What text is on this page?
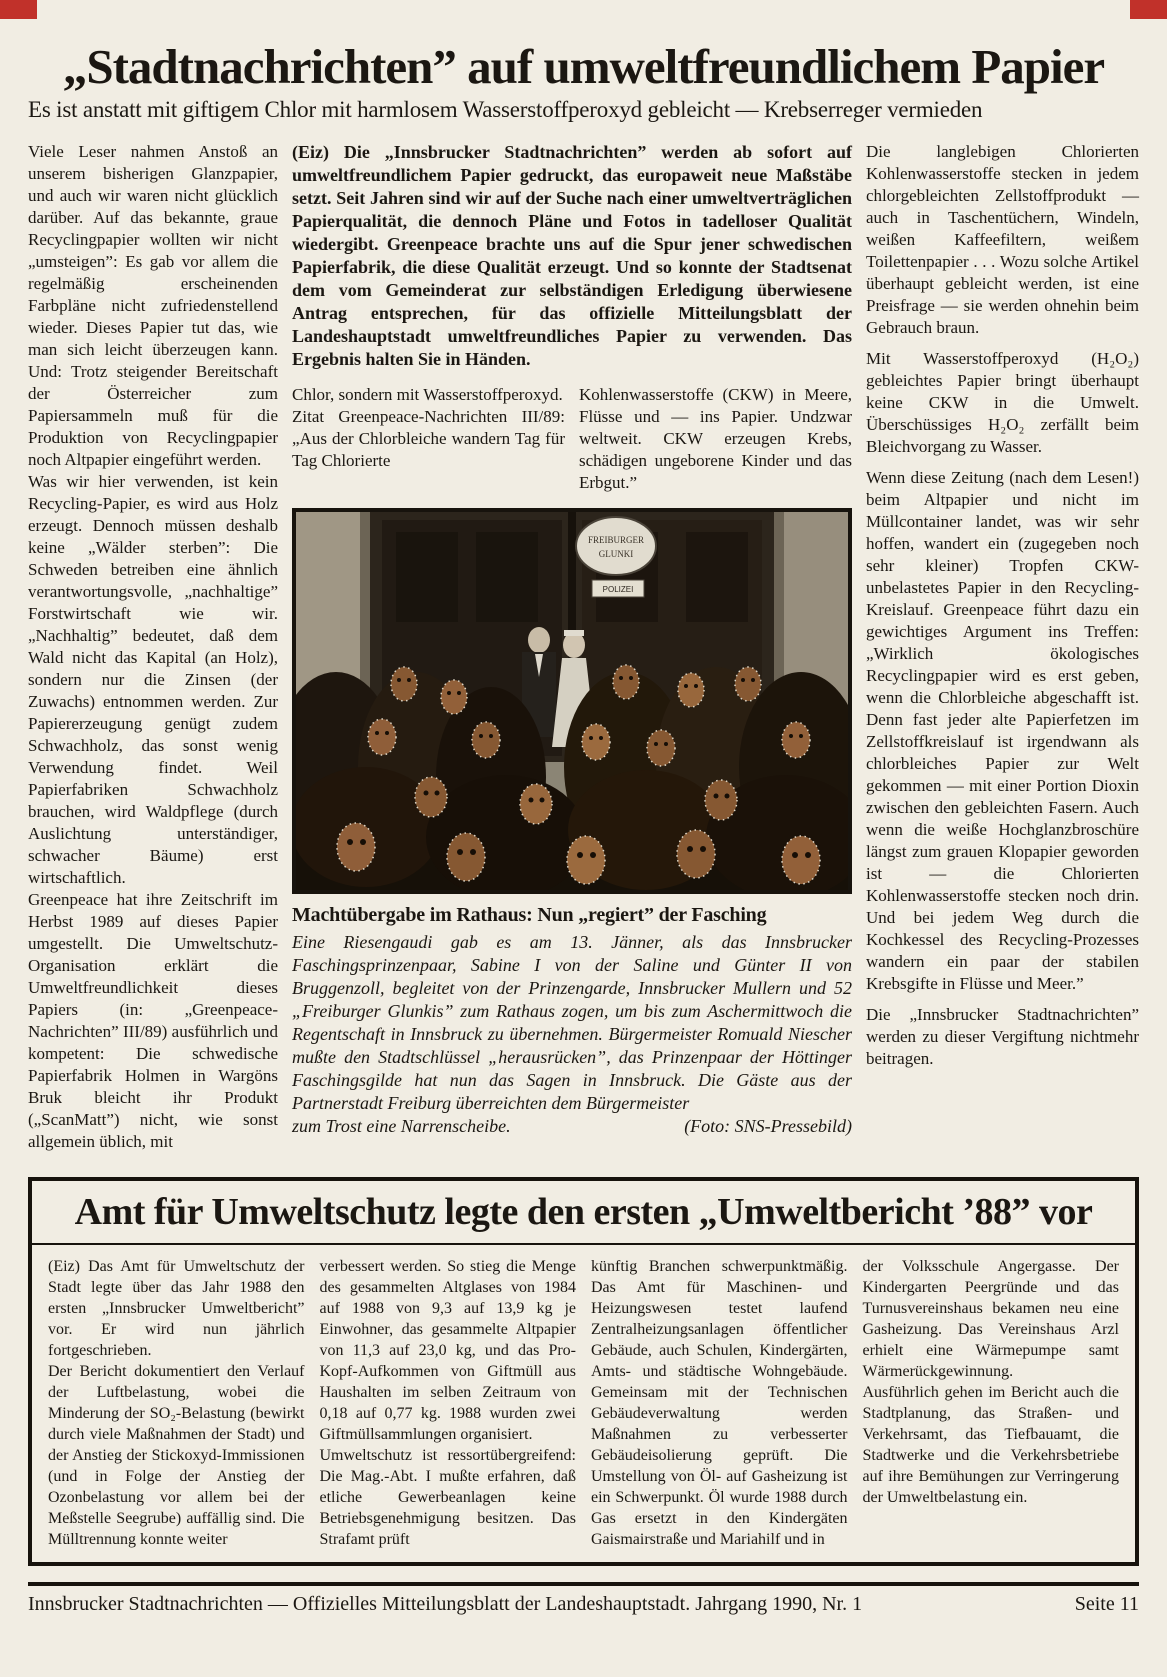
„Stadtnachrichten” auf umweltfreundlichem Papier

Es ist anstatt mit giftigem Chlor mit harmlosem Wasserstoffperoxyd gebleicht — Krebserreger vermieden

Viele Leser nahmen Anstoß an unserem bisherigen Glanzpapier, und auch wir waren nicht glücklich darüber. Auf das bekannte, graue Recyclingpapier wollten wir nicht „umsteigen”: Es gab vor allem die regelmäßig erscheinenden Farbpläne nicht zufriedenstellend wieder. Dieses Papier tut das, wie man sich leicht überzeugen kann. Und: Trotz steigender Bereitschaft der Österreicher zum Papiersammeln muß für die Produktion von Recyclingpapier noch Altpapier eingeführt werden.

Was wir hier verwenden, ist kein Recycling-Papier, es wird aus Holz erzeugt. Dennoch müssen deshalb keine „Wälder sterben”: Die Schweden betreiben eine ähnlich verantwortungsvolle, „nachhaltige” Forstwirtschaft wie wir. „Nachhaltig” bedeutet, daß dem Wald nicht das Kapital (an Holz), sondern nur die Zinsen (der Zuwachs) entnommen werden. Zur Papiererzeugung genügt zudem Schwachholz, das sonst wenig Verwendung findet. Weil Papierfabriken Schwachholz brauchen, wird Waldpflege (durch Auslichtung unterständiger, schwacher Bäume) erst wirtschaftlich.

Greenpeace hat ihre Zeitschrift im Herbst 1989 auf dieses Papier umgestellt. Die Umweltschutz-Organisation erklärt die Umweltfreundlichkeit dieses Papiers (in: „Greenpeace-Nachrichten” III/89) ausführlich und kompetent: Die schwedische Papierfabrik Holmen in Wargöns Bruk bleicht ihr Produkt („ScanMatt”) nicht, wie sonst allgemein üblich, mit

(Eiz) Die „Innsbrucker Stadtnachrichten” werden ab sofort auf umweltfreundlichem Papier gedruckt, das europaweit neue Maßstäbe setzt. Seit Jahren sind wir auf der Suche nach einer umweltverträglichen Papierqualität, die dennoch Pläne und Fotos in tadelloser Qualität wiedergibt. Greenpeace brachte uns auf die Spur jener schwedischen Papierfabrik, die diese Qualität erzeugt. Und so konnte der Stadtsenat dem vom Gemeinderat zur selbständigen Erledigung überwiesene Antrag entsprechen, für das offizielle Mitteilungsblatt der Landeshauptstadt umweltfreundliches Papier zu verwenden. Das Ergebnis halten Sie in Händen.

Chlor, sondern mit Wasserstoffperoxyd.

Zitat Greenpeace-Nachrichten III/89: „Aus der Chlorbleiche wandern Tag für Tag Chlorierte

Kohlenwasserstoffe (CKW) in Meere, Flüsse und — ins Papier. Undzwar weltweit. CKW erzeugen Krebs, schädigen ungeborene Kinder und das Erbgut.”

FREIBURGER
GLUNKI
POLIZEI

Machtübergabe im Rathaus: Nun „regiert” der Fasching

Eine Riesengaudi gab es am 13. Jänner, als das Innsbrucker Faschingsprinzenpaar, Sabine I von der Saline und Günter II von Bruggenzoll, begleitet von der Prinzengarde, Innsbrucker Mullern und 52 „Freiburger Glunkis” zum Rathaus zogen, um bis zum Aschermittwoch die Regentschaft in Innsbruck zu übernehmen. Bürgermeister Romuald Niescher mußte den Stadtschlüssel „herausrücken”, das Prinzenpaar der Höttinger Faschingsgilde hat nun das Sagen in Innsbruck. Die Gäste aus der Partnerstadt Freiburg überreichten dem Bürgermeister

zum Trost eine Narrenscheibe.	(Foto: SNS-Pressebild)

Die langlebigen Chlorierten Kohlenwasserstoffe stecken in jedem chlorgebleichten Zellstoffprodukt — auch in Taschentüchern, Windeln, weißen Kaffeefiltern, weißem Toilettenpapier . . . Wozu solche Artikel überhaupt gebleicht werden, ist eine Preisfrage — sie werden ohnehin beim Gebrauch braun.

Mit Wasserstoffperoxyd (H₂O₂) gebleichtes Papier bringt überhaupt keine CKW in die Umwelt. Überschüssiges H₂O₂ zerfällt beim Bleichvorgang zu Wasser.

Wenn diese Zeitung (nach dem Lesen!) beim Altpapier und nicht im Müllcontainer landet, was wir sehr hoffen, wandert ein (zugegeben noch sehr kleiner) Tropfen CKW-unbelastetes Papier in den Recycling-Kreislauf. Greenpeace führt dazu ein gewichtiges Argument ins Treffen: „Wirklich ökologisches Recyclingpapier wird es erst geben, wenn die Chlorbleiche abgeschafft ist. Denn fast jeder alte Papierfetzen im Zellstoffkreislauf ist irgendwann als chlorbleiches Papier zur Welt gekommen — mit einer Portion Dioxin zwischen den gebleichten Fasern. Auch wenn die weiße Hochglanzbroschüre längst zum grauen Klopapier geworden ist — die Chlorierten Kohlenwasserstoffe stecken noch drin. Und bei jedem Weg durch die Kochkessel des Recycling-Prozesses wandern ein paar der stabilen Krebsgifte in Flüsse und Meer.”

Die „Innsbrucker Stadtnachrichten” werden zu dieser Vergiftung nichtmehr beitragen.

Amt für Umweltschutz legte den ersten „Umweltbericht ’88” vor

(Eiz) Das Amt für Umweltschutz der Stadt legte über das Jahr 1988 den ersten „Innsbrucker Umweltbericht” vor. Er wird nun jährlich fortgeschrieben.

Der Bericht dokumentiert den Verlauf der Luftbelastung, wobei die Minderung der SO₂-Belastung (bewirkt durch viele Maßnahmen der Stadt) und der Anstieg der Stickoxyd-Immissionen (und in Folge der Anstieg der Ozonbelastung vor allem bei der Meßstelle Seegrube) auffällig sind. Die Mülltrennung konnte weiter

verbessert werden. So stieg die Menge des gesammelten Altglases von 1984 auf 1988 von 9,3 auf 13,9 kg je Einwohner, das gesammelte Altpapier von 11,3 auf 23,0 kg, und das Pro-Kopf-Aufkommen von Giftmüll aus Haushalten im selben Zeitraum von 0,18 auf 0,77 kg. 1988 wurden zwei Giftmüllsammlungen organisiert.

Umweltschutz ist ressortübergreifend: Die Mag.-Abt. I mußte erfahren, daß etliche Gewerbeanlagen keine Betriebsgenehmigung besitzen. Das Strafamt prüft

künftig Branchen schwerpunktmäßig. Das Amt für Maschinen- und Heizungswesen testet laufend Zentralheizungsanlagen öffentlicher Gebäude, auch Schulen, Kindergärten, Amts- und städtische Wohngebäude. Gemeinsam mit der Technischen Gebäudeverwaltung werden Maßnahmen zu verbesserter Gebäudeisolierung geprüft. Die Umstellung von Öl- auf Gasheizung ist ein Schwerpunkt. Öl wurde 1988 durch Gas ersetzt in den Kindergäten Gaismairstraße und Mariahilf und in

der Volksschule Angergasse. Der Kindergarten Peergründe und das Turnusvereinshaus bekamen neu eine Gasheizung. Das Vereinshaus Arzl erhielt eine Wärmepumpe samt Wärmerückgewinnung.

Ausführlich gehen im Bericht auch die Stadtplanung, das Straßen- und Verkehrsamt, das Tiefbauamt, die Stadtwerke und die Verkehrsbetriebe auf ihre Bemühungen zur Verringerung der Umweltbelastung ein.

Innsbrucker Stadtnachrichten — Offizielles Mitteilungsblatt der Landeshauptstadt. Jahrgang 1990, Nr. 1	Seite 11
